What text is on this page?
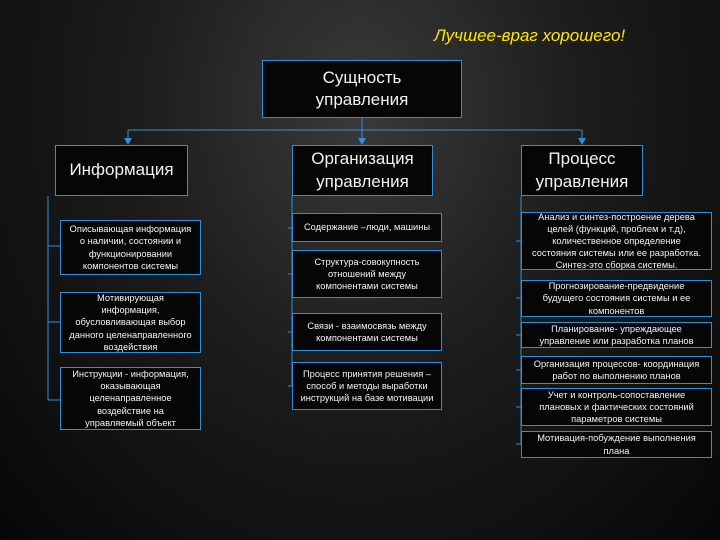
Лучшее-враг хорошего!
Сущность
управления
Информация
Описывающая информация
о наличии, состоянии и
функционировании
компонентов системы
Мотивирующая
информация,
обусловливающая выбор
данного целенаправленного
воздействия
Инструкции - информация,
оказывающая
целенаправленное
воздействие на
управляемый объект
Организация
управления
Содержание –люди, машины
Структура-совокупность
отношений между
компонентами системы
Связи - взаимосвязь между
компонентами системы
Процесс принятия решения –
способ и методы выработки
инструкций на базе мотивации
Процесс
управления
Анализ и синтез-построение дерева
целей (функций, проблем и т.д),
количественное определение
состояния системы или ее разработка.
Синтез-это сборка системы.
Прогнозирование-предвидение
будущего состояния системы и ее
компонентов
Планирование- упреждающее
управление или разработка планов
Организация процессов- координация
работ по выполнению планов
Учет и контроль-сопоставление
плановых и фактических состояний
параметров системы
Мотивация-побуждение выполнения
плана
